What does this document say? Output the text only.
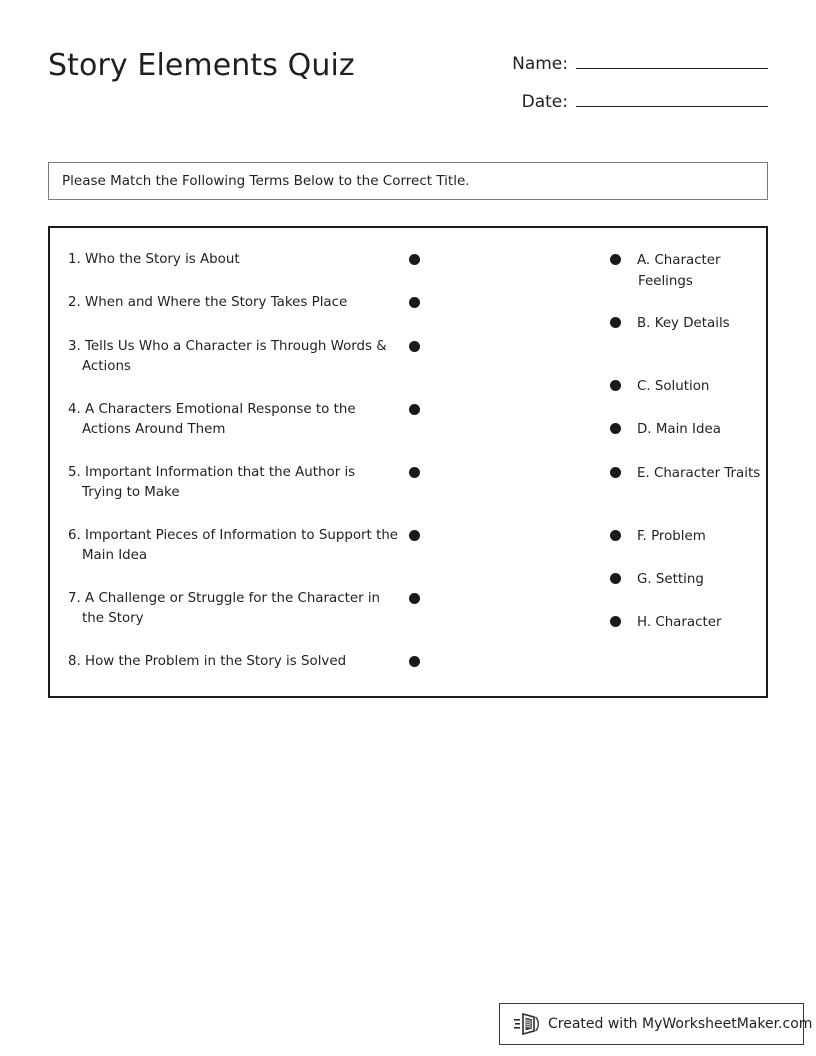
Story Elements Quiz	Name:
Date:
Please Match the Following Terms Below to the Correct Title.
1. Who the Story is About
2. When and Where the Story Takes Place
3. Tells Us Who a Character is Through Words & Actions
4. A Characters Emotional Response to the Actions Around Them
5. Important Information that the Author is Trying to Make
6. Important Pieces of Information to Support the Main Idea
7. A Challenge or Struggle for the Character in the Story
8. How the Problem in the Story is Solved
A. Character Feelings
B. Key Details
C. Solution
D. Main Idea
E. Character Traits
F. Problem
G. Setting
H. Character
Created with MyWorksheetMaker.com
